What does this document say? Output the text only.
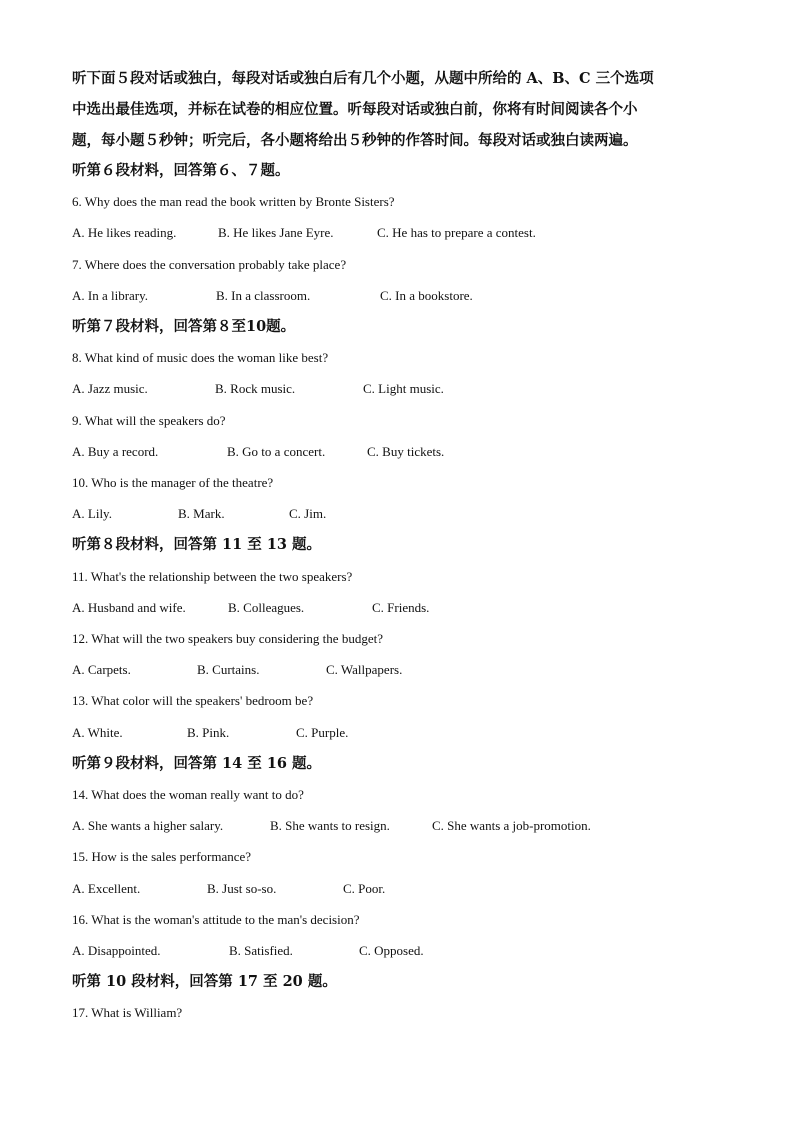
听下面５段对话或独白，每段对话或独白后有几个小题，从题中所给的 A、B、C 三个选项

中选出最佳选项，并标在试卷的相应位置。听每段对话或独白前，你将有时间阅读各个小

题，每小题５秒钟；听完后，各小题将给出５秒钟的作答时间。每段对话或独白读两遍。

听第６段材料，回答第６、７题。
6. Why does the man read the book written by Bronte Sisters?
A. He likes reading.	B. He likes Jane Eyre.	C. He has to prepare a contest.
7. Where does the conversation probably take place?
A. In a library.	B. In a classroom.	C. In a bookstore.
听第７段材料，回答第８至10题。
8. What kind of music does the woman like best?
A. Jazz music.	B. Rock music.	C. Light music.
9. What will the speakers do?
A. Buy a record.	B. Go to a concert.	C. Buy tickets.
10. Who is the manager of the theatre?
A. Lily.	B. Mark.	C. Jim.
听第８段材料，回答第 11 至 13 题。
11. What's the relationship between the two speakers?
A. Husband and wife.	B. Colleagues.	C. Friends.
12. What will the two speakers buy considering the budget?
A. Carpets.	B. Curtains.	C. Wallpapers.
13. What color will the speakers' bedroom be?
A. White.	B. Pink.	C. Purple.
听第９段材料，回答第 14 至 16 题。
14. What does the woman really want to do?
A. She wants a higher salary.	B. She wants to resign.	C. She wants a job-promotion.
15. How is the sales performance?
A. Excellent.	B. Just so-so.	C. Poor.
16. What is the woman's attitude to the man's decision?
A. Disappointed.	B. Satisfied.	C. Opposed.
听第 10 段材料，回答第 17 至 20 题。
17. What is William?
